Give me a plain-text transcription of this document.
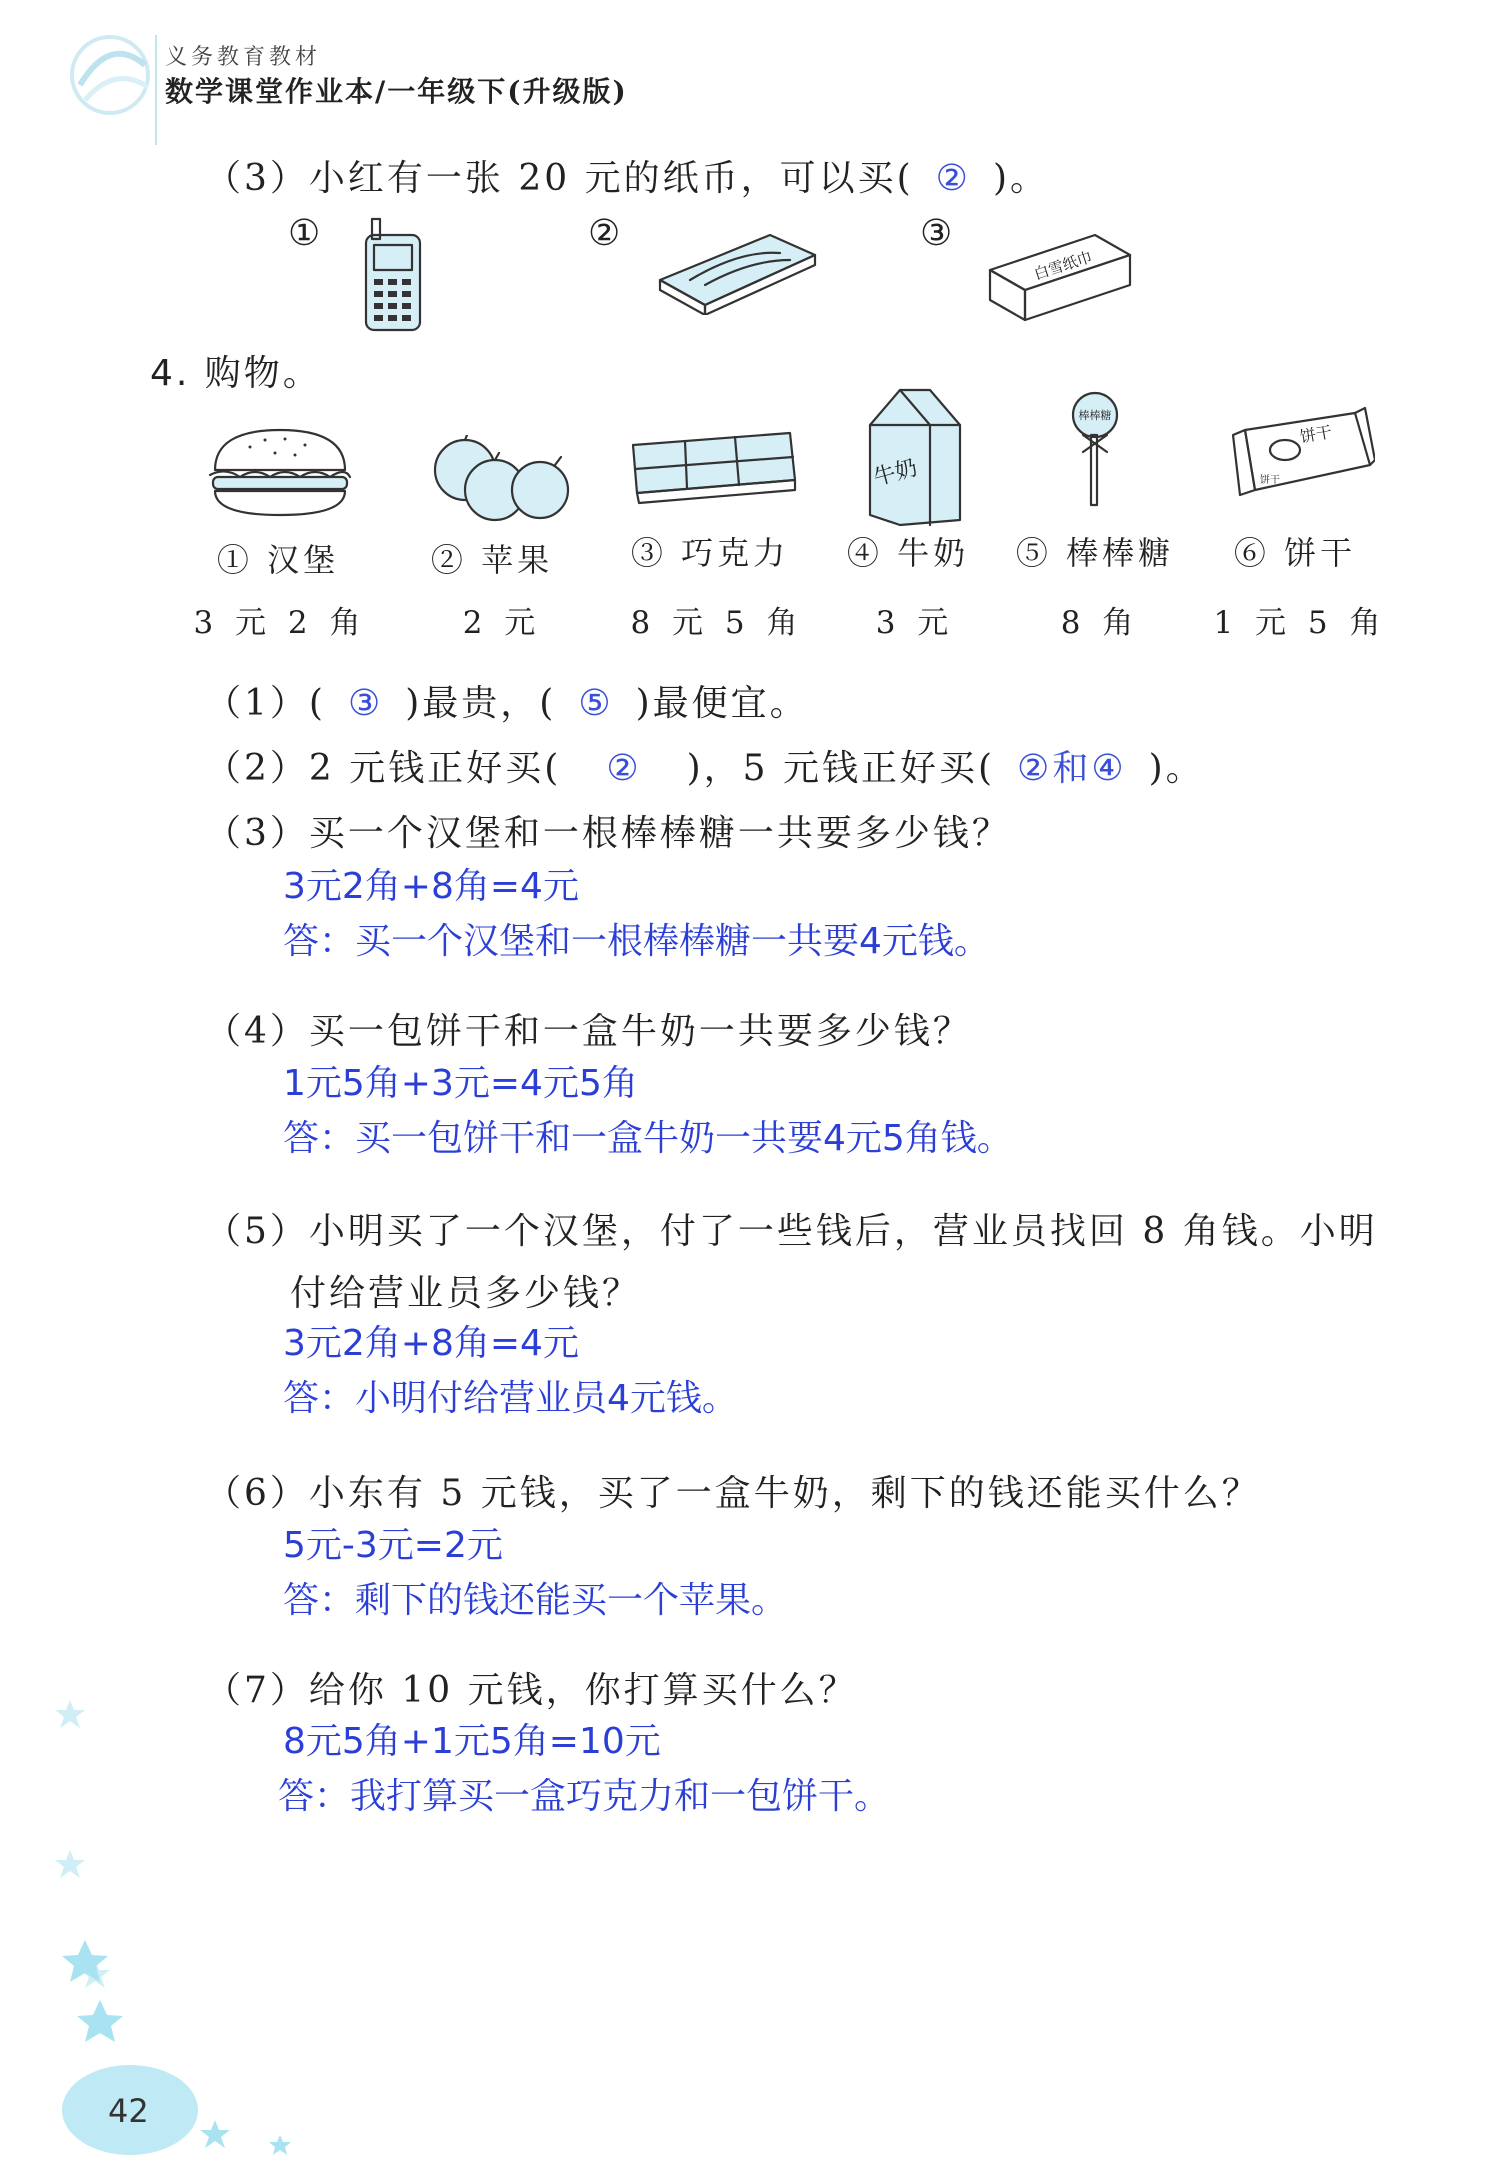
义务教育教材
数学课堂作业本/一年级下(升级版)
（3）小红有一张 20 元的纸币，可以买( ② )。
①	②	③
白雪纸巾
4. 购物。
牛奶
棒棒糖
饼干
饼干
① 汉堡	② 苹果	③ 巧克力	④ 牛奶	⑤ 棒棒糖	⑥ 饼干
3 元 2 角	2 元	8 元 5 角	3 元	8 角	1 元 5 角
（1）( ③ )最贵，( ⑤ )最便宜。
（2）2 元钱正好买( ② )，5 元钱正好买( ②和④ )。
（3）买一个汉堡和一根棒棒糖一共要多少钱？
3元2角+8角=4元
答：买一个汉堡和一根棒棒糖一共要4元钱。
（4）买一包饼干和一盒牛奶一共要多少钱？
1元5角+3元=4元5角
答：买一包饼干和一盒牛奶一共要4元5角钱。
（5）小明买了一个汉堡，付了一些钱后，营业员找回 8 角钱。小明
付给营业员多少钱？
3元2角+8角=4元
答：小明付给营业员4元钱。
（6）小东有 5 元钱，买了一盒牛奶，剩下的钱还能买什么？
5元-3元=2元
答：剩下的钱还能买一个苹果。
（7）给你 10 元钱，你打算买什么？
8元5角+1元5角=10元
答：我打算买一盒巧克力和一包饼干。
42
